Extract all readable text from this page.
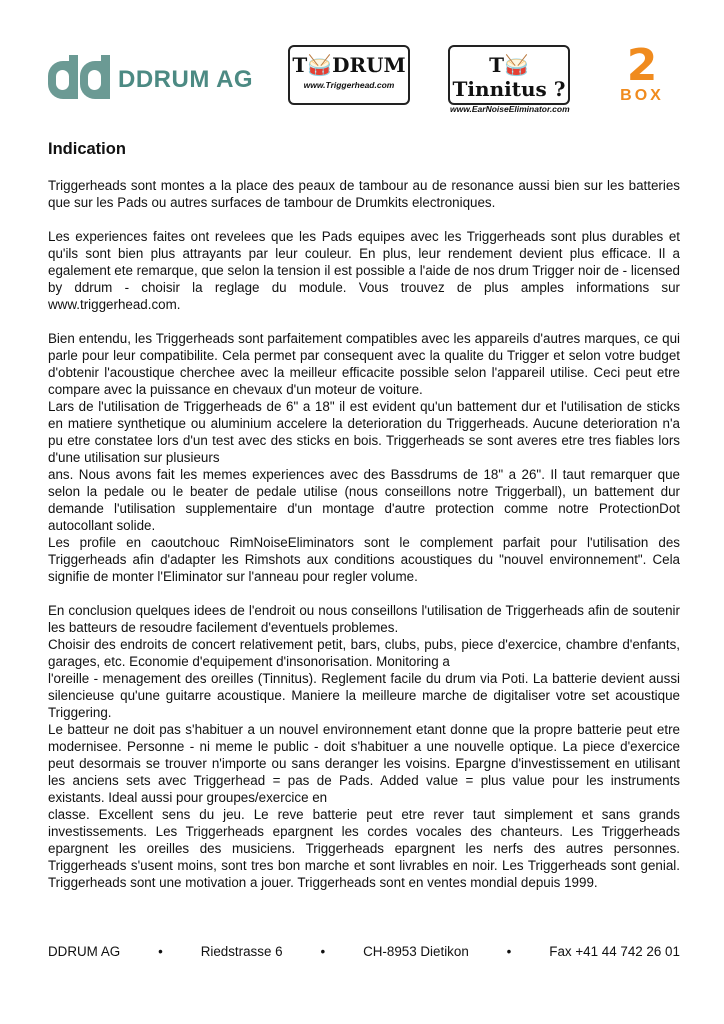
DDRUM AG
T🥁DRUM
www.Triggerhead.com
T🥁Tinnitus ?
www.EarNoiseEliminator.com
2
BOX
Indication

Triggerheads sont montes a la place des peaux de tambour au de resonance aussi bien sur les batteries que sur les Pads ou autres surfaces de tambour de Drumkits electroniques.

Les experiences faites ont revelees que les Pads equipes avec les Triggerheads sont plus durables et qu'ils sont bien plus attrayants par leur couleur. En plus, leur rendement devient plus efficace. Il a egalement ete remarque, que selon la tension il est possible a l'aide de nos drum Trigger noir de - licensed by ddrum - choisir la reglage du module. Vous trouvez de plus amples informations sur www.triggerhead.com.

Bien entendu, les Triggerheads sont parfaitement compatibles avec les appareils d'autres marques, ce qui parle pour leur compatibilite. Cela permet par consequent avec la qualite du Trigger et selon votre budget d'obtenir l'acoustique cherchee avec la meilleur efficacite possible selon l'appareil utilise. Ceci peut etre compare avec la puissance en chevaux d'un moteur de voiture.

Lars de l'utilisation de Triggerheads de 6" a 18" il est evident qu'un battement dur et l'utilisation de sticks en matiere synthetique ou aluminium accelere la deterioration du Triggerheads. Aucune deterioration n'a pu etre constatee lors d'un test avec des sticks en bois. Triggerheads se sont averes etre tres fiables lors d'une utilisation sur plusieurs

ans. Nous avons fait les memes experiences avec des Bassdrums de 18" a 26". Il taut remarquer que selon la pedale ou le beater de pedale utilise (nous conseillons notre Triggerball), un battement dur demande l'utilisation supplementaire d'un montage d'autre protection comme notre ProtectionDot autocollant solide.

Les profile en caoutchouc RimNoiseEliminators sont le complement parfait pour l'utilisation des Triggerheads afin d'adapter les Rimshots aux conditions acoustiques du "nouvel environnement". Cela signifie de monter l'Eliminator sur l'anneau pour regler volume.

En conclusion quelques idees de l'endroit ou nous conseillons l'utilisation de Triggerheads afin de soutenir les batteurs de resoudre facilement d'eventuels problemes.

Choisir des endroits de concert relativement petit, bars, clubs, pubs, piece d'exercice, chambre d'enfants, garages, etc. Economie d'equipement d'insonorisation. Monitoring a

l'oreille - menagement des oreilles (Tinnitus). Reglement facile du drum via Poti. La batterie devient aussi silencieuse qu'une guitarre acoustique. Maniere la meilleure marche de digitaliser votre set acoustique Triggering.

Le batteur ne doit pas s'habituer a un nouvel environnement etant donne que la propre batterie peut etre modernisee. Personne - ni meme le public - doit s'habituer a une nouvelle optique. La piece d'exercice peut desormais se trouver n'importe ou sans deranger les voisins. Epargne d'investissement en utilisant les anciens sets avec Triggerhead = pas de Pads. Added value = plus value pour les instruments existants. Ideal aussi pour groupes/exercice en

classe. Excellent sens du jeu. Le reve batterie peut etre rever taut simplement et sans grands investissements. Les Triggerheads epargnent les cordes vocales des chanteurs. Les Triggerheads epargnent les oreilles des musiciens. Triggerheads epargnent les nerfs des autres personnes. Triggerheads s'usent moins, sont tres bon marche et sont livrables en noir. Les Triggerheads sont genial. Triggerheads sont une motivation a jouer. Triggerheads sont en ventes mondial depuis 1999.

DDRUM AG	•	Riedstrasse 6	•	CH-8953 Dietikon	•	Fax +41 44 742 26 01
